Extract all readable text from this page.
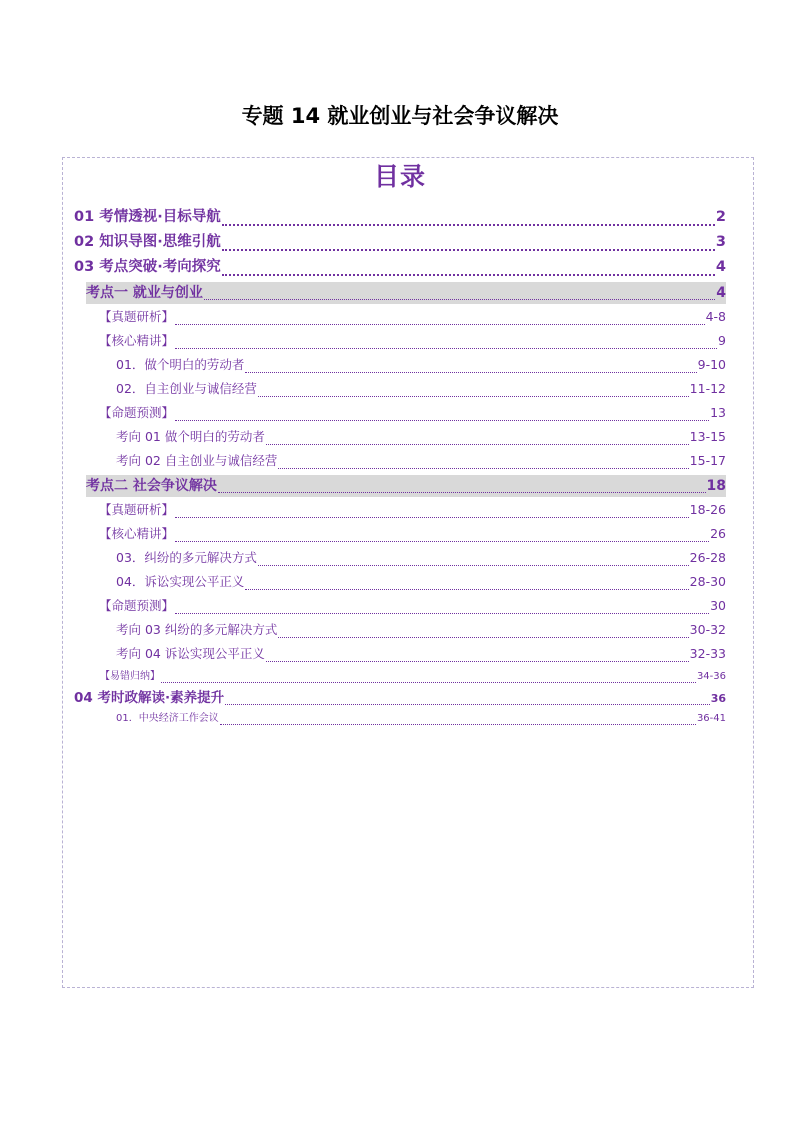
专题 14 就业创业与社会争议解决
目录
01 考情透视·目标导航	2
02 知识导图·思维引航	3
03 考点突破·考向探究	4
考点一 就业与创业	4
【真题研析】	4-8
【核心精讲】	9
01．做个明白的劳动者	9-10
02．自主创业与诚信经营	11-12
【命题预测】	13
考向 01 做个明白的劳动者	13-15
考向 02 自主创业与诚信经营	15-17
考点二 社会争议解决	18
【真题研析】	18-26
【核心精讲】	26
03．纠纷的多元解决方式	26-28
04．诉讼实现公平正义	28-30
【命题预测】	30
考向 03 纠纷的多元解决方式	30-32
考向 04 诉讼实现公平正义	32-33
【易错归纳】	34-36
04 考时政解读·素养提升	36
01．中央经济工作会议	36-41
